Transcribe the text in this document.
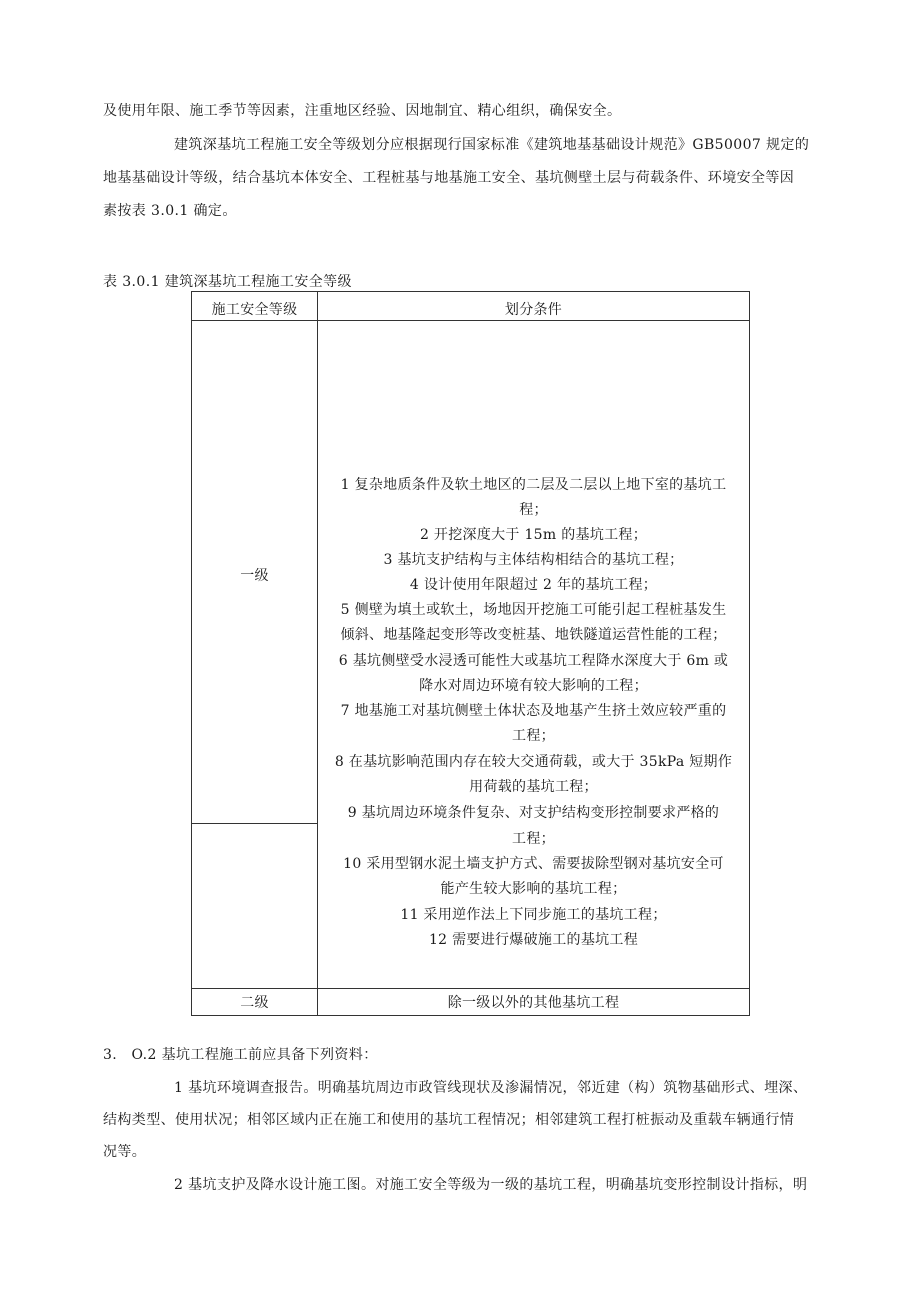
及使用年限、施工季节等因素，注重地区经验、因地制宜、精心组织，确保安全。
建筑深基坑工程施工安全等级划分应根据现行国家标准《建筑地基基础设计规范》GB50007 规定的
地基基础设计等级，结合基坑本体安全、工程桩基与地基施工安全、基坑侧壁土层与荷载条件、环境安全等因
素按表 3.0.1 确定。
表 3.0.1 建筑深基坑工程施工安全等级
施工安全等级	划分条件
一级
1 复杂地质条件及软土地区的二层及二层以上地下室的基坑工
程；
2 开挖深度大于 15m 的基坑工程；
3 基坑支护结构与主体结构相结合的基坑工程；
4 设计使用年限超过 2 年的基坑工程；
5 侧壁为填土或软土，场地因开挖施工可能引起工程桩基发生
倾斜、地基隆起变形等改变桩基、地铁隧道运营性能的工程；
6 基坑侧壁受水浸透可能性大或基坑工程降水深度大于 6m 或
降水对周边环境有较大影响的工程；
7 地基施工对基坑侧壁土体状态及地基产生挤土效应较严重的
工程；
8 在基坑影响范围内存在较大交通荷载，或大于 35kPa 短期作
用荷载的基坑工程；
9 基坑周边环境条件复杂、对支护结构变形控制要求严格的
工程；
10 采用型钢水泥土墙支护方式、需要拔除型钢对基坑安全可
能产生较大影响的基坑工程；
11 采用逆作法上下同步施工的基坑工程；
12 需要进行爆破施工的基坑工程
二级	除一级以外的其他基坑工程
3.　O.2 基坑工程施工前应具备下列资料：
1 基坑环境调查报告。明确基坑周边市政管线现状及渗漏情况，邻近建（构）筑物基础形式、埋深、
结构类型、使用状况；相邻区域内正在施工和使用的基坑工程情况；相邻建筑工程打桩振动及重载车辆通行情
况等。
2 基坑支护及降水设计施工图。对施工安全等级为一级的基坑工程，明确基坑变形控制设计指标，明
